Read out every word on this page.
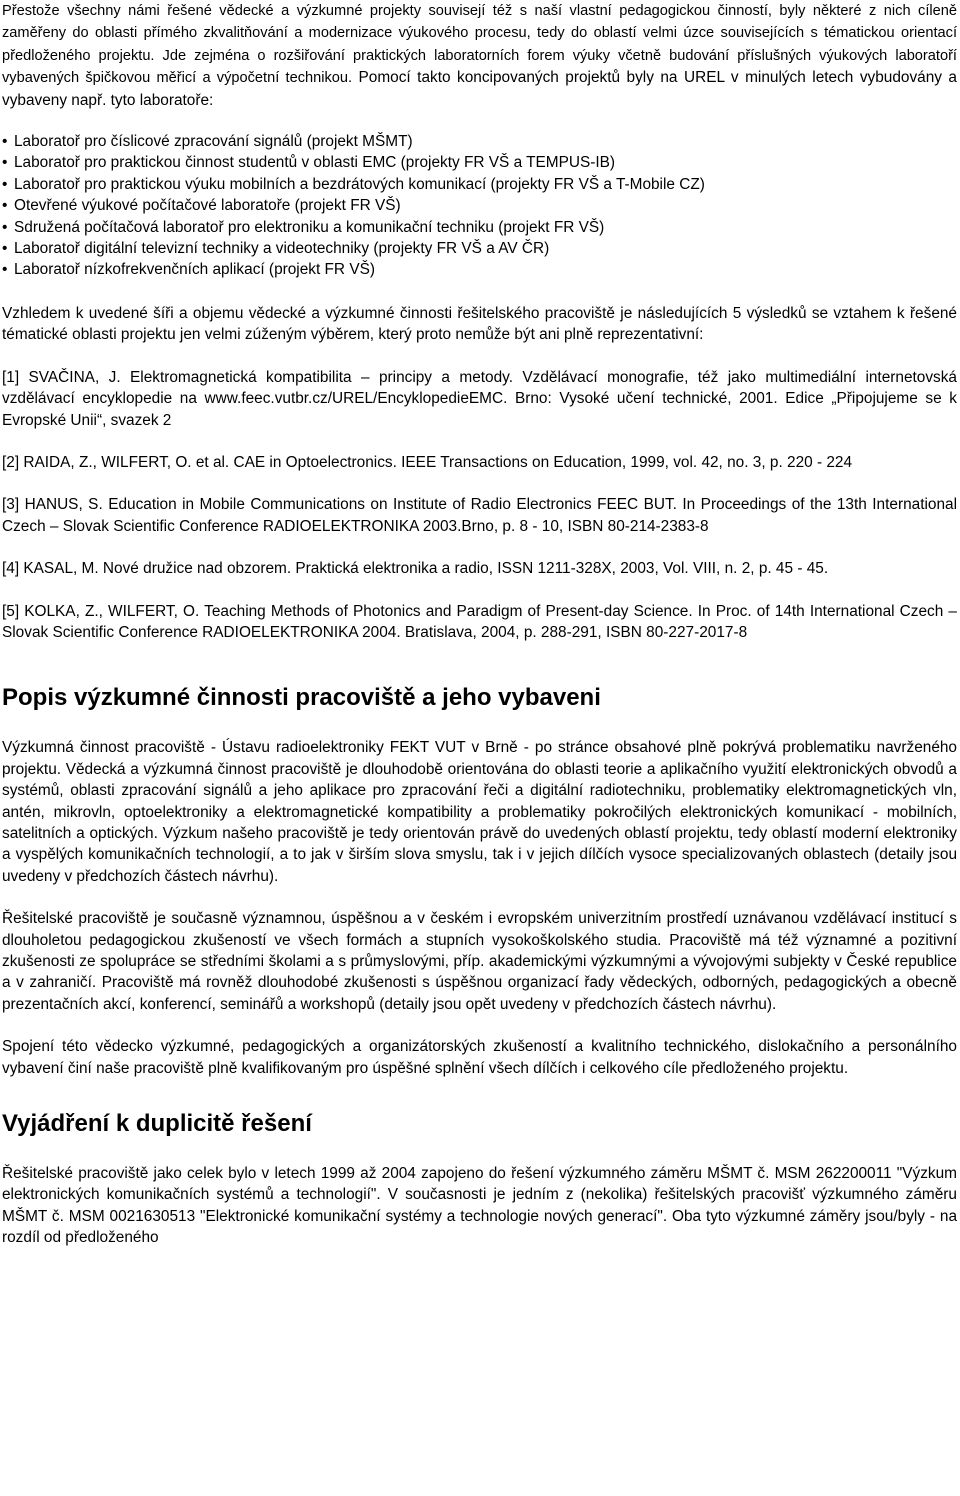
Přestože všechny námi řešené vědecké a výzkumné projekty souvisejí též s naší vlastní pedagogickou činností, byly některé z nich cíleně zaměřeny do oblasti přímého zkvalitňování a modernizace výukového procesu, tedy do oblastí velmi úzce souvisejících s tématickou orientací předloženého projektu. Jde zejména o rozšiřování praktických laboratorních forem výuky včetně budování příslušných výukových laboratoří vybavených špičkovou měřicí a výpočetní technikou. Pomocí takto koncipovaných projektů byly na UREL v minulých letech vybudovány a vybaveny např. tyto laboratoře:

• Laboratoř pro číslicové zpracování signálů (projekt MŠMT)
• Laboratoř pro praktickou činnost studentů v oblasti EMC (projekty FR VŠ a TEMPUS-IB)
• Laboratoř pro praktickou výuku mobilních a bezdrátových komunikací (projekty FR VŠ a T-Mobile CZ)
• Otevřené výukové počítačové laboratoře (projekt FR VŠ)
• Sdružená počítačová laboratoř pro elektroniku a komunikační techniku (projekt FR VŠ)
• Laboratoř digitální televizní techniky a videotechniky (projekty FR VŠ a AV ČR)
• Laboratoř nízkofrekvenčních aplikací (projekt FR VŠ)

Vzhledem k uvedené šíři a objemu vědecké a výzkumné činnosti řešitelského pracoviště je následujících 5 výsledků se vztahem k řešené tématické oblasti projektu jen velmi zúženým výběrem, který proto nemůže být ani plně reprezentativní:

[1] SVAČINA, J. Elektromagnetická kompatibilita – principy a metody. Vzdělávací monografie, též jako multimediální internetovská vzdělávací encyklopedie na www.feec.vutbr.cz/UREL/EncyklopedieEMC. Brno: Vysoké učení technické, 2001. Edice „Připojujeme se k Evropské Unii“, svazek 2

[2] RAIDA, Z., WILFERT, O. et al. CAE in Optoelectronics. IEEE Transactions on Education, 1999, vol. 42, no. 3, p. 220 - 224

[3] HANUS, S. Education in Mobile Communications on Institute of Radio Electronics FEEC BUT. In Proceedings of the 13th International Czech – Slovak Scientific Conference RADIOELEKTRONIKA 2003.Brno, p. 8 - 10, ISBN 80-214-2383-8

[4] KASAL, M. Nové družice nad obzorem. Praktická elektronika a radio, ISSN 1211-328X, 2003, Vol. VIII, n. 2, p. 45 - 45.

[5] KOLKA, Z., WILFERT, O. Teaching Methods of Photonics and Paradigm of Present-day Science. In Proc. of 14th International Czech – Slovak Scientific Conference RADIOELEKTRONIKA 2004. Bratislava, 2004, p. 288-291, ISBN 80-227-2017-8

Popis výzkumné činnosti pracoviště a jeho vybaveni

Výzkumná činnost pracoviště - Ústavu radioelektroniky FEKT VUT v Brně - po stránce obsahové plně pokrývá problematiku navrženého projektu. Vědecká a výzkumná činnost pracoviště je dlouhodobě orientována do oblasti teorie a aplikačního využití elektronických obvodů a systémů, oblasti zpracování signálů a jeho aplikace pro zpracování řeči a digitální radiotechniku, problematiky elektromagnetických vln, antén, mikrovln, optoelektroniky a elektromagnetické kompatibility a problematiky pokročilých elektronických komunikací - mobilních, satelitních a optických. Výzkum našeho pracoviště je tedy orientován právě do uvedených oblastí projektu, tedy oblastí moderní elektroniky a vyspělých komunikačních technologií, a to jak v širším slova smyslu, tak i v jejich dílčích vysoce specializovaných oblastech (detaily jsou uvedeny v předchozích částech návrhu).

Řešitelské pracoviště je současně významnou, úspěšnou a v českém i evropském univerzitním prostředí uznávanou vzdělávací institucí s dlouholetou pedagogickou zkušeností ve všech formách a stupních vysokoškolského studia. Pracoviště má též významné a pozitivní zkušenosti ze spolupráce se středními školami a s průmyslovými, příp. akademickými výzkumnými a vývojovými subjekty v České republice a v zahraničí. Pracoviště má rovněž dlouhodobé zkušenosti s úspěšnou organizací řady vědeckých, odborných, pedagogických a obecně prezentačních akcí, konferencí, seminářů a workshopů (detaily jsou opět uvedeny v předchozích částech návrhu).

Spojení této vědecko výzkumné, pedagogických a organizátorských zkušeností a kvalitního technického, dislokačního a personálního vybavení činí naše pracoviště plně kvalifikovaným pro úspěšné splnění všech dílčích i celkového cíle předloženého projektu.

Vyjádření k duplicitě řešení

Řešitelské pracoviště jako celek bylo v letech 1999 až 2004 zapojeno do řešení výzkumného záměru MŠMT č. MSM 262200011 "Výzkum elektronických komunikačních systémů a technologií". V současnosti je jedním z (nekolika) řešitelských pracovišť výzkumného záměru MŠMT č. MSM 0021630513 "Elektronické komunikační systémy a technologie nových generací". Oba tyto výzkumné záměry jsou/byly - na rozdíl od předloženého
